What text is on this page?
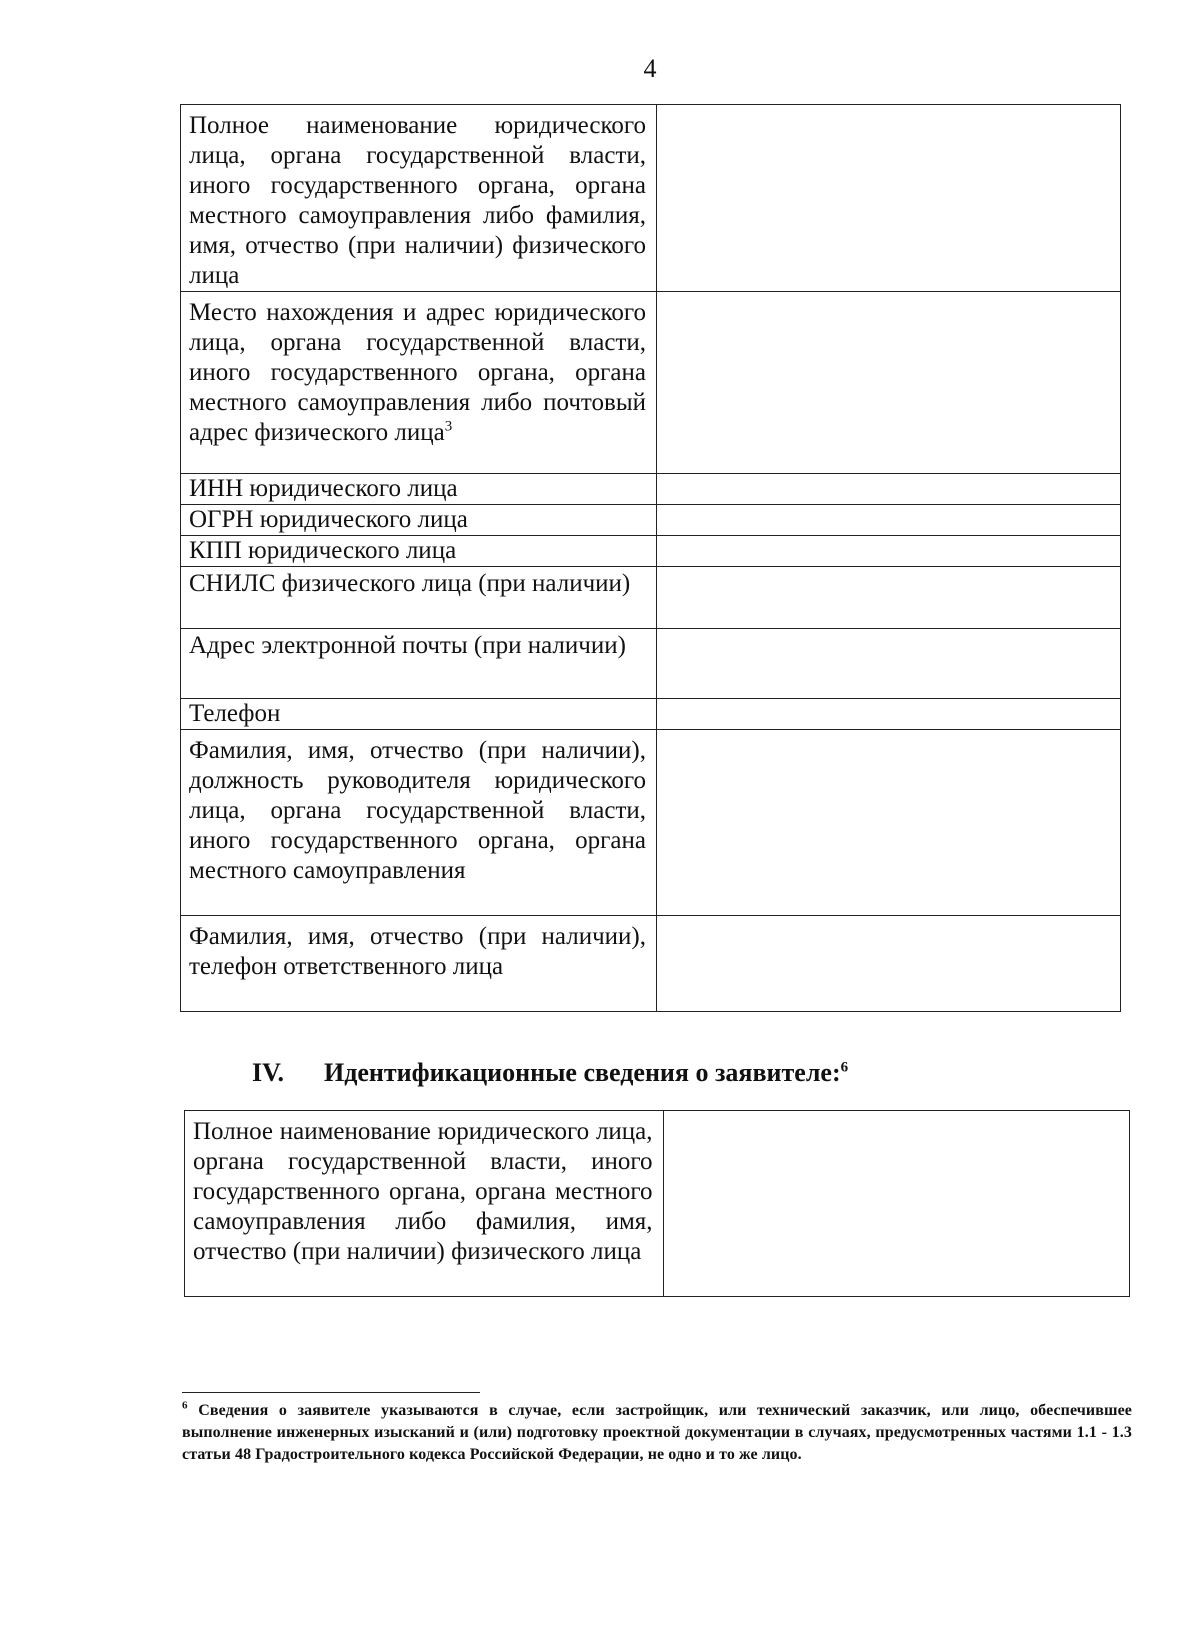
4
Полное наименование юридического лица, органа государственной власти, иного государственного органа, органа местного самоуправления либо фамилия, имя, отчество (при наличии) физического лица	
Место нахождения и адрес юридического лица, органа государственной власти, иного государственного органа, органа местного самоуправления либо почтовый адрес физического лица$^3$	
ИНН юридического лица	
ОГРН юридического лица	
КПП юридического лица	
СНИЛС физического лица (при наличии)	
Адрес электронной почты (при наличии)	
Телефон	
Фамилия, имя, отчество (при наличии), должность руководителя юридического лица, органа государственной власти, иного государственного органа, органа местного самоуправления	
Фамилия, имя, отчество (при наличии), телефон ответственного лица	
IV. Идентификационные сведения о заявителе:$^6$
Полное наименование юридического лица, органа государственной власти, иного государственного органа, органа местного самоуправления либо фамилия, имя, отчество (при наличии) физического лица	
$^6$ Сведения о заявителе указываются в случае, если застройщик, или технический заказчик, или лицо, обеспечившее выполнение инженерных изысканий и (или) подготовку проектной документации в случаях, предусмотренных частями 1.1 - 1.3 статьи 48 Градостроительного кодекса Российской Федерации, не одно и то же лицо.
